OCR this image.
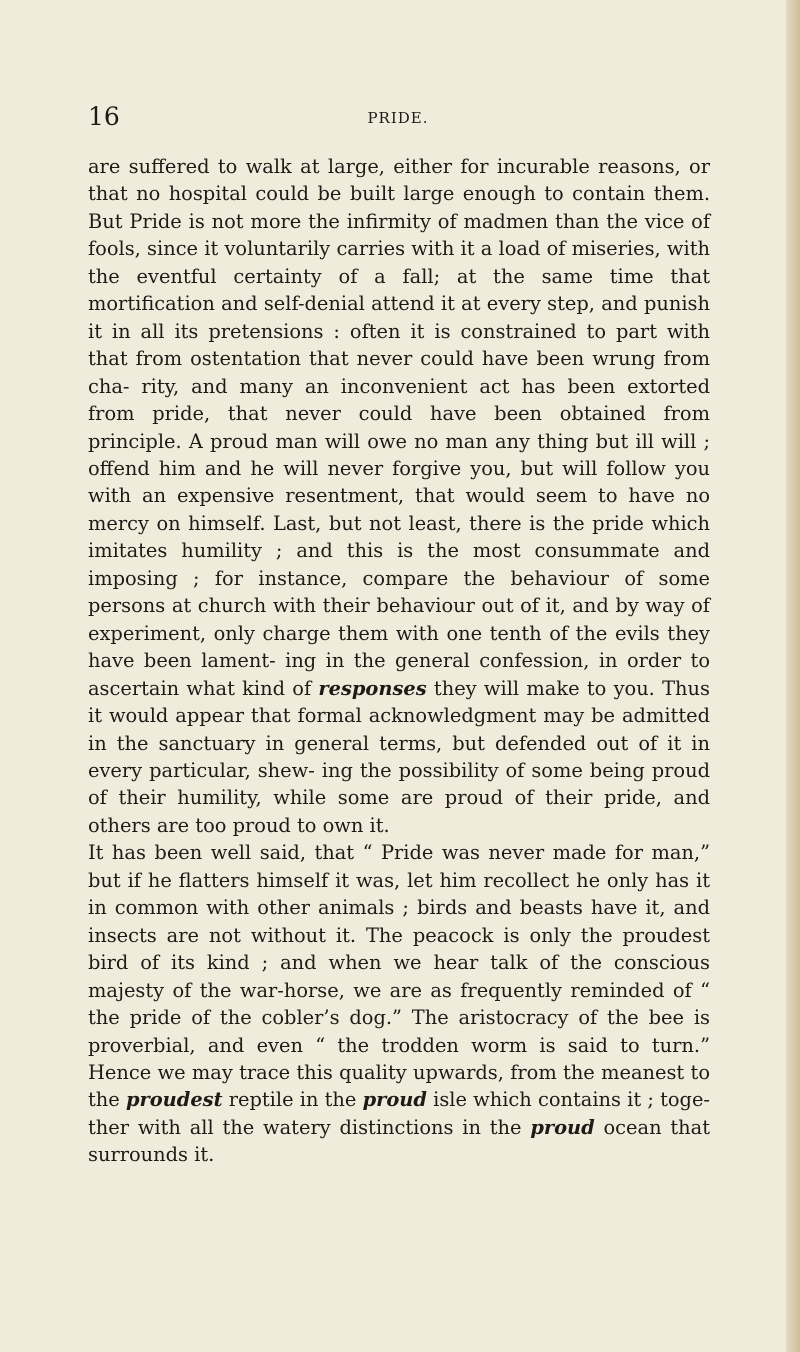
16	PRIDE.

are suffered to walk at large, either for incurable reasons, or that no hospital could be built large enough to contain them. But Pride is not more the infirmity of madmen than the vice of fools, since it voluntarily carries with it a load of miseries, with the eventful certainty of a fall; at the same time that mortification and self-denial attend it at every step, and punish it in all its pretensions : often it is constrained to part with that from ostentation that never could have been wrung from cha- rity, and many an inconvenient act has been extorted from pride, that never could have been obtained from principle. A proud man will owe no man any thing but ill will ; offend him and he will never forgive you, but will follow you with an expensive resentment, that would seem to have no mercy on himself. Last, but not least, there is the pride which imitates humility ; and this is the most consummate and imposing ; for instance, compare the behaviour of some persons at church with their behaviour out of it, and by way of experiment, only charge them with one tenth of the evils they have been lament- ing in the general confession, in order to ascertain what kind of responses they will make to you. Thus it would appear that formal acknowledgment may be admitted in the sanctuary in general terms, but defended out of it in every particular, shew- ing the possibility of some being proud of their humility, while some are proud of their pride, and others are too proud to own it.

It has been well said, that “ Pride was never made for man,” but if he flatters himself it was, let him recollect he only has it in common with other animals ; birds and beasts have it, and insects are not without it. The peacock is only the proudest bird of its kind ; and when we hear talk of the conscious majesty of the war-horse, we are as frequently reminded of “ the pride of the cobler’s dog.” The aristocracy of the bee is proverbial, and even “ the trodden worm is said to turn.” Hence we may trace this quality upwards, from the meanest to the proudest reptile in the proud isle which contains it ; toge- ther with all the watery distinctions in the proud ocean that surrounds it.
